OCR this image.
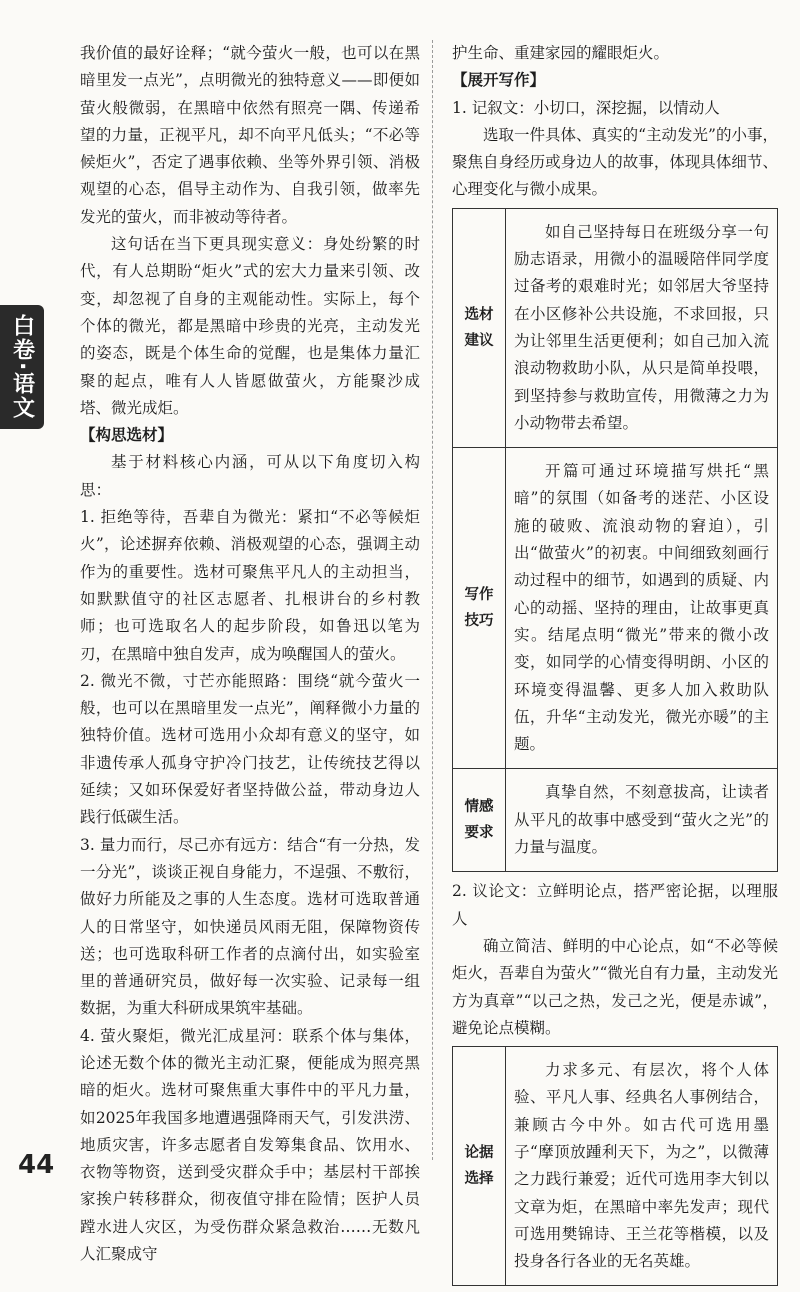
白卷·语文

我价值的最好诠释；“就今萤火一般，也可以在黑暗里发一点光”，点明微光的独特意义——即便如萤火般微弱，在黑暗中依然有照亮一隅、传递希望的力量，正视平凡，却不向平凡低头；“不必等候炬火”，否定了遇事依赖、坐等外界引领、消极观望的心态，倡导主动作为、自我引领，做率先发光的萤火，而非被动等待者。

这句话在当下更具现实意义：身处纷繁的时代，有人总期盼“炬火”式的宏大力量来引领、改变，却忽视了自身的主观能动性。实际上，每个个体的微光，都是黑暗中珍贵的光亮，主动发光的姿态，既是个体生命的觉醒，也是集体力量汇聚的起点，唯有人人皆愿做萤火，方能聚沙成塔、微光成炬。

【构思选材】

基于材料核心内涵，可从以下角度切入构思：

1. 拒绝等待，吾辈自为微光：紧扣“不必等候炬火”，论述摒弃依赖、消极观望的心态，强调主动作为的重要性。选材可聚焦平凡人的主动担当，如默默值守的社区志愿者、扎根讲台的乡村教师；也可选取名人的起步阶段，如鲁迅以笔为刃，在黑暗中独自发声，成为唤醒国人的萤火。

2. 微光不微，寸芒亦能照路：围绕“就今萤火一般，也可以在黑暗里发一点光”，阐释微小力量的独特价值。选材可选用小众却有意义的坚守，如非遗传承人孤身守护冷门技艺，让传统技艺得以延续；又如环保爱好者坚持做公益，带动身边人践行低碳生活。

3. 量力而行，尽己亦有远方：结合“有一分热，发一分光”，谈谈正视自身能力，不逞强、不敷衍，做好力所能及之事的人生态度。选材可选取普通人的日常坚守，如快递员风雨无阻，保障物资传送；也可选取科研工作者的点滴付出，如实验室里的普通研究员，做好每一次实验、记录每一组数据，为重大科研成果筑牢基础。

4. 萤火聚炬，微光汇成星河：联系个体与集体，论述无数个体的微光主动汇聚，便能成为照亮黑暗的炬火。选材可聚焦重大事件中的平凡力量，如2025年我国多地遭遇强降雨天气，引发洪涝、地质灾害，许多志愿者自发筹集食品、饮用水、衣物等物资，送到受灾群众手中；基层村干部挨家挨户转移群众，彻夜值守排在险情；医护人员蹚水进人灾区，为受伤群众紧急救治……无数凡人汇聚成守

护生命、重建家园的耀眼炬火。

【展开写作】

1. 记叙文：小切口，深挖掘，以情动人

选取一件具体、真实的“主动发光”的小事，聚焦自身经历或身边人的故事，体现具体细节、心理变化与微小成果。

选材建议
如自己坚持每日在班级分享一句励志语录，用微小的温暖陪伴同学度过备考的艰难时光；如邻居大爷坚持在小区修补公共设施，不求回报，只为让邻里生活更便利；如自己加入流浪动物救助小队，从只是简单投喂，到坚持参与救助宣传，用微薄之力为小动物带去希望。
写作技巧
开篇可通过环境描写烘托“黑暗”的氛围（如备考的迷茫、小区设施的破败、流浪动物的窘迫），引出“做萤火”的初衷。中间细致刻画行动过程中的细节，如遇到的质疑、内心的动摇、坚持的理由，让故事更真实。结尾点明“微光”带来的微小改变，如同学的心情变得明朗、小区的环境变得温馨、更多人加入救助队伍，升华“主动发光，微光亦暖”的主题。
情感要求
真挚自然，不刻意拔高，让读者从平凡的故事中感受到“萤火之光”的力量与温度。

2. 议论文：立鲜明论点，搭严密论据，以理服人

确立简洁、鲜明的中心论点，如“不必等候炬火，吾辈自为萤火”“微光自有力量，主动发光方为真章”“以己之热，发己之光，便是赤诚”，避免论点模糊。

论据选择
力求多元、有层次，将个人体验、平凡人事、经典名人事例结合，兼顾古今中外。如古代可选用墨子“摩顶放踵利天下，为之”，以微薄之力践行兼爱；近代可选用李大钊以文章为炬，在黑暗中率先发声；现代可选用樊锦诗、王兰花等楷模，以及投身各行各业的无名英雄。
44
